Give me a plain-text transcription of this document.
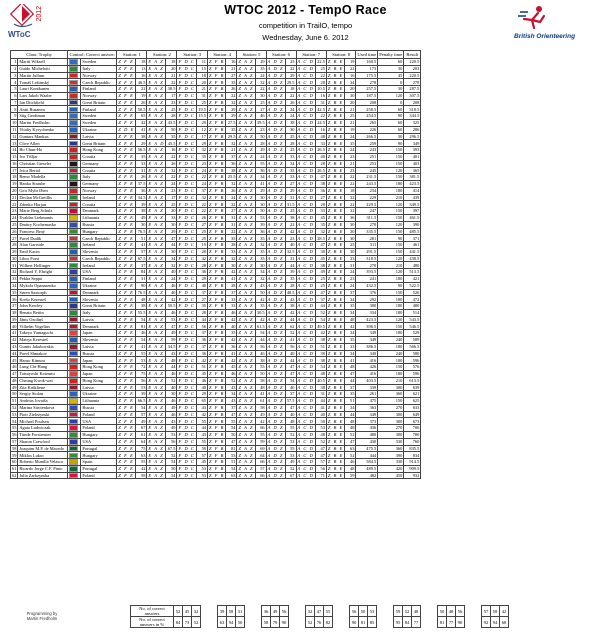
2012
WToC
WTOC 2012 - TempO Race
competition in TrailO, tempo
Wednesday, June 6. 2012	British Orienteering
Class: Trophy		Control: Correct answer:		Station: 1		Station: 2		Station: 3		Station: 4		Station: 5		Station: 6		Station: 7		Station: 8		Used time	Penalty time	Result
1	Martti Wiksell		Sweden	Z F E	18	E A Z	18	F D C	11	Z F B	16	Z A Z	29	A D Z	25	A C D	22.5	Z B E	19	160.5	60	220.5
2	Guido Michelotti		Italy	Z F E	13	E A Z	20	F D C	15	Z F B	21	Z A Z	35	A D Z	22	A C D	25	Z B E	22	173	30	203
3	Martin Jullum		Norway	Z F E	16	E A Z	21	F D C	18	Z F B	27	Z A Z	24	A D Z	29	A C D	22	Z B E	16	175.5	45	220.5
4	Tomáš Leštinský		Czech Republic	Z F E	46.5	E A Z	22	F D C	20	Z F B	35	Z A Z	32	A D Z	29.5	A C D	28	Z B E	34	278	0	278
5	Lauri Kontkanen		Finland	Z F E	22	E A Z	38.5	F D C	21	Z F B	26	Z A Z	22	A D Z	18	A C D	10.5	Z B E	20	257.5	30	287.5
6	Lars Jakob Waaler		Norway	Z F E	19	E A Z	17	F D C	31	Z F B	22	Z A Z	30	A D Z	22	A C D	16	Z B E	30	187.5	120	307.5
7	Ian Ditchfield		Great Britain	Z F E	26	E A Z	23	F D C	25	Z F B	32	Z A Z	25	A D Z	26	A C D	31	Z B E	20	208	0	208
8	Antti Rusanen		Finland	Z F E	50.5	E A Z	25	F D C	19.5	Z F B	29	Z A Z	27	A D Z	24	A C D	42.5	Z B E	21	258.5	60	318.5
9	Stig Gerdtman		Sweden	Z F E	65	E A Z	28	F D C	15.5	Z F B	29	Z A Z	46	A D Z	24	A C D	22	Z B E	25	254.5	90	344.5
10	Martin Fredholm		Sweden	Z F E	42	E A Z	43.5	F D C	29	Z F B	27.5	Z A Z	39.5	A D Z	38	A C D	24.5	Z B E	21	265	60	325
11	Vitaliy Kyrychenko		Ukraine	Z D E	41	E A Z	50	F D C	12	Z F B	35	Z A Z	23	A D Z	30	A C D	16	Z B E	19	226	60	286
12	Guntars Mankus		Latvia	Z F E	38	E A Z	35	F D C	17	Z F B	29.5	Z A Z	50	A D Z	25	A C D	48	Z B E	24	266.5	30	296.5
13	Clive Allen		Great Britain	Z F E	29	E A D	45.5	F D C	29	Z F B	32	Z A Z	28	A D Z	28	A C D	33	Z B E	35	259	90	349
14	Ho Chun-Ho		Hong Kong	Z F E	56.5	E A Z	16	F D C	32	Z F B	21	Z A Z	29	A D Z	25	A C D	26.5	Z B E	24	243	150	393
15	Ivo Tišljar		Croatia	Z F E	35	E A Z	22	F D C	35	Z F B	37	Z A Z	24	A D Z	33	A C D	40	Z B E	23	251	150	401
16	Christian Gieseler		Germany	Z F E	33	E A Z	26	F D C	23	Z F B	36	Z A Z	55	A D Z	34	A C D	28	Z B E	21	253	150	403
17	Ivica Bertol		Croatia	Z F E	31	E A Z	32	F D C	24	Z F B	38	Z A Z	36	A D Z	35	A C D	26.5	Z B E	23	245	120	365
18	Remo Madella		Italy	Z F E	26	E A Z	22	F D C	22	Z F B	25.5	Z A Z	34	A D Z	33	A C D	47	Z B E	22	231.5	150	381.5
19	Hanka Straube		Germany	Z F E	37.5	E A Z	24	F D C	24	Z F B	32	Z A Z	41	A D Z	27	A C D	38	Z B E	22	243.5	180	423.5
20	Geir Myhr Øien		Norway	Z F E	36	E A Z	23	F D C	37	Z F B	26	Z A Z	29	A D Z	29	A C D	36	Z B E	18	234	180	414
21	Declan McGreillis		Ireland	Z F E	34.5	E A Z	17	F D C	32	Z F B	24	Z A Z	30	A D Z	31	A C D	27	Z B E	32	229	210	439
22	Zdenko Horjan		Croatia	Z F E	39	E A Z	25	F D C	22	Z F B	32	Z A Z	30	A D Z	31.5	A C D	28	Z B E	22	229.5	120	349.5
23	Marie Berg Schulz		Denmark	Z F E	38	E A Z	20	F D C	22	Z F B	27	Z A Z	50	A D Z	25	A C D	33	Z B E	32	247	150	397
24	Evaldas Liekmanis		Lithuania	Z F E	49	E A Z	33	F D C	26	Z F B	31	Z A Z	53	A D Z	38	A C D	45	Z B E	36	311.5	150	461.5
25	Dmitry Kochemasko		Russia	Z F E	30	E A Z	30	F D C	27	Z F B	31	Z A Z	39	A D Z	22	A C D	35	Z B E	30	270	120	390
26	Francesc Brný		Hungary	Z F E	76.5	E A Z	29	F D C	25	Z F B	22	Z A Z	36	A D Z	42	A C D	32	Z B E	30	335.5	150	485.5
27	Pavel Dudík		Czech Republic	Z F E	51	E A Z	47	F D C	25	Z F B	35	Z A Z	35	A D Z	23	A C D	28.5	Z B E	30	281	90	371
28	Alan Gartside		Ireland	Z F E	41	E A Z	44	F D C	19	Z F B	28	Z A Z	32	A D Z	40	A C D	47	Z B E	25	311	150	461
29	Emil Kacin		Slovenia	Z F E	57	E A Z	30	F D C	28	Z F B	33	Z A Z	35	A D Z	32.5	A C D	30	Z B E	30	291.5	150	441.5
30	Libor Forst		Czech Republic	Z F E	67.5	E A Z	34	F D C	42	Z F B	32	Z A Z	35	A D Z	31	A C D	45	Z B E	33	318.5	120	438.5
31	Wilbert Hollinger		Ireland	Z F E	37	E A Z	32	F D C	28	Z F B	30	Z A Z	30	A D Z	44	A C D	38	Z B E	31	270	210	480
32	Richard Y. Ebright		USA	Z F E	84	E A Z	40	F D C	36	Z F B	42	Z A Z	34	A D Z	39	A C D	49	Z B E	24	393.5	120	513.5
33	Pekka Seppä		Finland	Z F E	31	E A Z	24	F D C	29	Z F B	41	Z A Z	32	A D Z	35	A C D	25	Z B E	23	241	180	421
34	Mykola Opanasenko		Ukraine	Z F E	90	E A Z	46	F D C	40	Z F B	28	Z A Z	43	A D Z	28	A C D	25	Z B E	24	432.5	90	522.5
35	Søren Saxtorph		Denmark	Z F E	76.5	E A Z	40	F D C	37	Z F B	37	Z A Z	50	A D Z	48.5	A C D	47	Z B E	37	376	150	526
36	Krešo Keresteš		Slovenia	Z F E	48	E A Z	42	F D C	27	Z F B	33	Z A Z	42	A D Z	43	A C D	37	Z B E	34	292	180	472
37	John Kewley		Great Britain	Z F E	38	E A Z	50.5	F D C	35	Z F B	33	Z A Z	35	A D Z	38	A C D	44	Z B E	35	300	180	480
38	Renato Bettin		Italy	Z F E	55.5	E A Z	46	F D C	28	Z F B	46	Z A Z	30.5	A D Z	42	A C D	52	Z B E	34	334	180	514
39	Jānis Ozoliņš		Latvia	Z F E	54	E A Z	53	F D C	44	Z F B	42	Z A Z	42	A D Z	44	A C D	54	Z B E	48	423.5	120	543.5
40	Vilhelm Vogelius		Denmark	Z F E	81	E A Z	47	F D C	56	Z F B	40	Z A Z	61.5	A D Z	62	A C D	49.5	Z B E	42	396.5	150	546.5
41	Takeyo Yamaguchi		Japan	Z F E	46	E A Z	49	F D C	37	Z F B	35	Z A Z	54	A D Z	52	A C D	42	Z B E	34	349	180	529
42	Mateja Keresteš		Slovenia	Z F E	54	E A Z	59	F D C	36	Z F B	42	Z A Z	44	A D Z	41	A C D	38	Z B E	35	349	240	589
43	Guntis Jakubovskis		Latvia	Z F E	41	E A Z	34.5	F D C	37	Z F B	36	Z A Z	56	A D Z	56	A C D	51	Z B E	33	386.5	180	566.5
44	Pavel Shmakov		Russia	Z F E	55	E A Z	43	F D C	36	Z F B	41	Z A Z	46	A D Z	40	A C D	39	Z B E	34	340	240	580
45	Haruo Kimura		Japan	Z F E	53	E A Z	48	F D C	42	Z F B	42	Z A Z	38	A D Z	44	A C D	38	Z B E	41	416	180	596
46	Lung Chi-Hang		Hong Kong	Z F E	72	E A Z	44	F D C	51	Z F B	45	Z A Z	55	A D Z	47	A C D	54	Z B E	48	426	150	576
47	Tatsuyoshi Koizumi		Japan	Z F E	75	E A Z	46	F D C	45	Z F B	46	Z A Z	50	A D Z	47	A C D	48	Z B E	47	416	180	596
48	Cheung Kwok-wai		Hong Kong	Z F E	56	E A Z	52	F D C	46	Z F B	52	Z A Z	58	A D Z	54	A C D	40.5	Z B E	44	403.5	210	613.5
49	Zita Krūkliene		Latvia	Z F E	53	E A Z	40	F D C	40	Z F B	43	Z A Z	48	A D Z	40	A C D	38	Z B E	37	339	300	639
50	Sergiy Stolan		Ukraine	Z F E	39	E A Z	30	F D C	29	Z F B	34	Z A Z	41	A D Z	37	A C D	31	Z B E	35	261	360	621
51	Andrius Jovaiša		Lithuania	Z F E	66.5	E A Z	46	F D C	65	Z F B	43	Z A Z	61	A D Z	57.5	A C D	44	Z B E	51	475	150	625
52	Marina Sirotenkova		Russia	Z F E	54	E A Z	49	F D C	43	Z F B	37	Z A Z	58	A D Z	47	A C D	41	Z B E	34	363	270	633
53	Piotr Zieleżynski		Poland	Z F E	57	E A Z	46	F D C	42	Z F B	47	Z A Z	49	A D Z	40	A C D	40	Z B E	44	349	300	649
54	Michael Poulsen		USA	Z F E	49	E A Z	43	F D C	55	Z F B	55	Z A Z	42	A D Z	48	A C D	50	Z B E	48	373	300	673
55	Agata Ludwiczak		Poland	Z F E	67	E A Z	49	F D C	44	Z F B	54	Z A Z	66	A D Z	55	A C D	53	Z B E	48	436	270	706
56	Tünde Forstreuter		Hungary	Z F E	61	E A Z	53	F D C	43	Z F B	50	Z A Z	55	A D Z	52	A C D	48	Z B E	52	480	300	780
57	Sharon Crawford		USA	Z F E	64	E A Z	56	F D C	55	Z F B	47	Z A Z	59	A D Z	53	A C D	52	Z B E	47	430	330	760
58	Joaquim M.P. de Macedo		Portugal	Z F E	75	E A Z	67.5	F D C	59	Z F B	81	Z A Z	69	A D Z	55	A C D	47	Z B E	63	475.5	360	835.5
59	Miklos Lukoc		Hungary	Z F E	63	E A Z	52	F D C	57	Z F B	53	Z A Z	64	A D Z	53	A C D	47	Z B E	52	444	390	834
60	Roberto Munilla Velasco		Spain	Z F E	55	E A Z	54	F D C	45	Z F B	51	Z A Z	66	A D Z	49	A C D	57	Z B E	46	584.5	330	914.5
61	Ricardo Jorge C.F. Pinto		Portugal	Z F E	42	E A Z	50	F D C	53	Z F B	54	Z A Z	57	A D Z	52	A C D	56	Z B E	48	489.5	420	909.5
62	Julia Zarkzynska		Poland	Z F E	58	E A Z	54	F D C	53	Z F B	63	Z A Z	66	A D Z	67	A C D	71	Z B E	59	482	450	932
Programming by
Martin Fredholm
No. of correct answers	52	45	32		39	58	31		36	49	56		32	47	55		56	50	53		59	52	48		50	48	56		57	58	42	
No. of correct answers in %	84	73	52		63	94	50		58	79	90		52	76	82		90	81	85		95	84	77		81	77	90		92	94	68	
